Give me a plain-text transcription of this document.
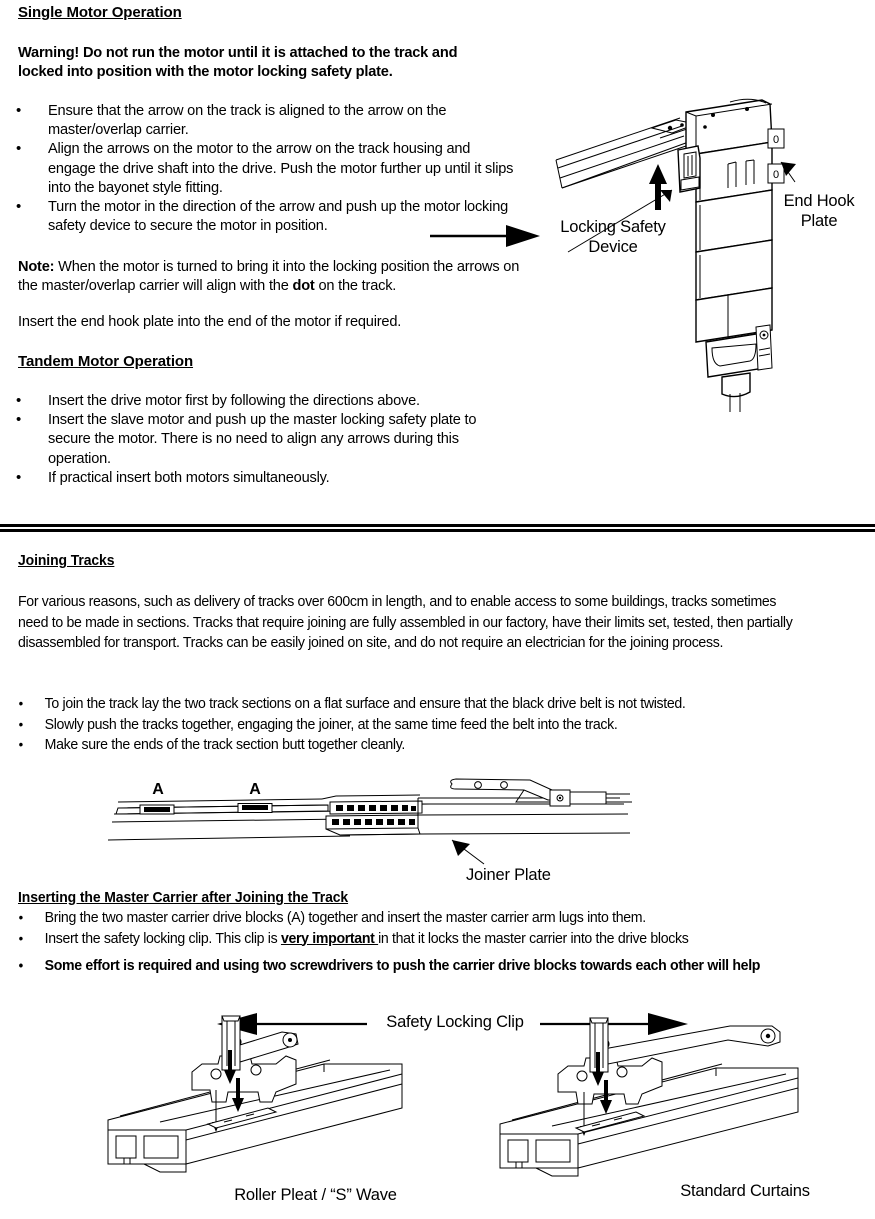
Single Motor Operation
Warning! Do not run the motor until it is attached to the track and
locked into position with the motor locking safety plate.
• Ensure that the arrow on the track is aligned to the arrow on the master/overlap carrier.
• Align the arrows on the motor to the arrow on the track housing and engage the drive shaft into the drive. Push the motor further up until it slips into the bayonet style fitting.
• Turn the motor in the direction of the arrow and push up the motor locking safety device to secure the motor in position.
Note: When the motor is turned to bring it into the locking position the arrows on the master/overlap carrier will align with the dot on the track.
Insert the end hook plate into the end of the motor if required.
Tandem Motor Operation
• Insert the drive motor first by following the directions above.
• Insert the slave motor and push up the master locking safety plate to secure the motor. There is no need to align any arrows during this operation.
• If practical insert both motors simultaneously.
0
0
Locking Safety Device
End Hook Plate
Joining Tracks
For various reasons, such as delivery of tracks over 600cm in length, and to enable access to some buildings, tracks sometimes need to be made in sections. Tracks that require joining are fully assembled in our factory, have their limits set, tested, then partially disassembled for transport. Tracks can be easily joined on site, and do not require an electrician for the joining process.
• To join the track lay the two track sections on a flat surface and ensure that the black drive belt is not twisted.
• Slowly push the tracks together, engaging the joiner, at the same time feed the belt into the track.
• Make sure the ends of the track section butt together cleanly.
A	A
Joiner Plate
Inserting the Master Carrier after Joining the Track
• Bring the two master carrier drive blocks (A) together and insert the master carrier arm lugs into them.
• Insert the safety locking clip. This clip is very important in that it locks the master carrier into the drive blocks
• Some effort is required and using two screwdrivers to push the carrier drive blocks towards each other will help
Safety Locking Clip
Roller Pleat / “S” Wave	Standard Curtains
